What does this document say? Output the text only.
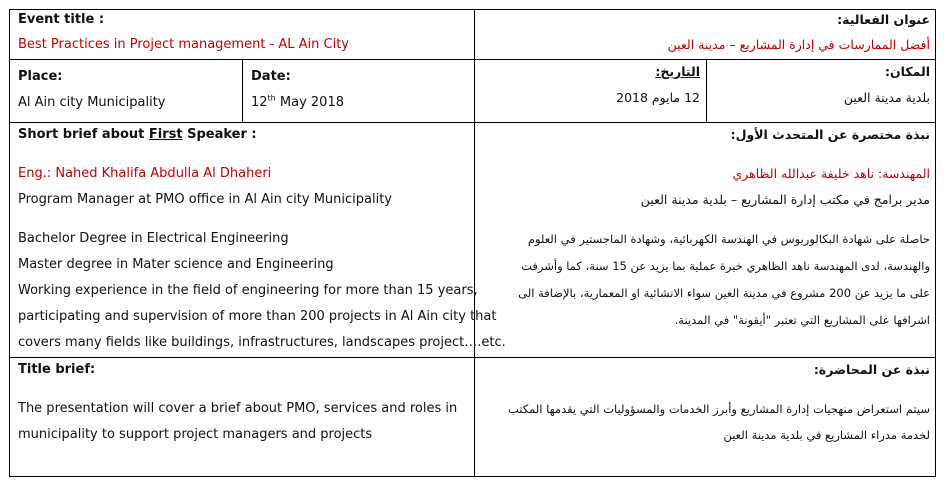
Event title :
Best Practices in Project management - AL Ain City
عنوان الفعالية:
أفضل الممارسات في إدارة المشاريع – مدينة العين
Place:
Al Ain city Municipality
Date:
12th May 2018
التاريخ:
12 مايوم 2018
المكان:
بلدية مدينة العين
Short brief about First Speaker :
Eng.: Nahed Khalifa Abdulla Al Dhaheri
Program Manager at PMO office in Al Ain city Municipality
Bachelor Degree in Electrical Engineering
Master degree in Mater science and Engineering
Working experience in the field of engineering for more than 15 years,
participating and supervision of more than 200 projects in Al Ain city that
covers many fields like buildings, infrastructures, landscapes project….etc.
نبذة مختصرة عن المتحدث الأول:
المهندسة: ناهد خليفة عبدالله الظاهري
مدير برامج في مكتب إدارة المشاريع – بلدية مدينة العين
حاصلة على شهادة البكالوريوس في الهندسة الكهربائية، وشهادة الماجستير في العلوم
والهندسة، لدى المهندسة ناهد الظاهري خبرة عملية بما يزيد عن 15 سنة، كما وأشرفت
على ما يزيد عن 200 مشروع في مدينة العين سواء الانشائية او المعمارية، بالإضافة الى
اشرافها على المشاريع التي تعتبر "أيقونة" في المدينة.
Title brief:
The presentation will cover a brief about PMO, services and roles in
municipality to support project managers and projects
نبذة عن المحاضرة:
سيتم استعراض منهجيات إدارة المشاريع وأبرز الخدمات والمسؤوليات التي يقدمها المكتب
لخدمة مدراء المشاريع في بلدية مدينة العين
